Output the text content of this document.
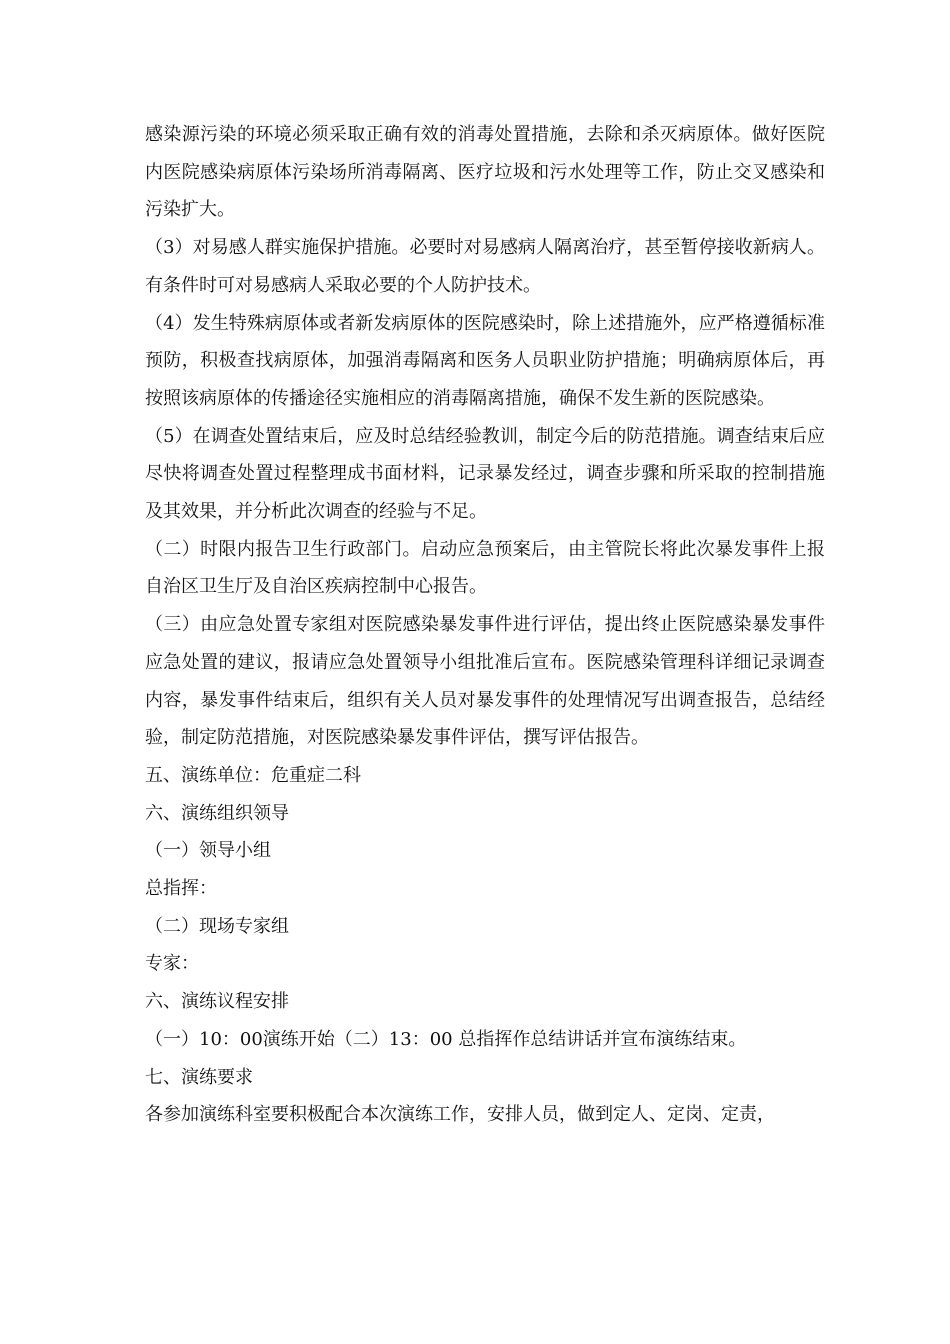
感染源污染的环境必须采取正确有效的消毒处置措施，去除和杀灭病原体。做好医院内医院感染病原体污染场所消毒隔离、医疗垃圾和污水处理等工作，防止交叉感染和污染扩大。

（3）对易感人群实施保护措施。必要时对易感病人隔离治疗，甚至暂停接收新病人。有条件时可对易感病人采取必要的个人防护技术。

（4）发生特殊病原体或者新发病原体的医院感染时，除上述措施外，应严格遵循标准预防，积极查找病原体，加强消毒隔离和医务人员职业防护措施；明确病原体后，再按照该病原体的传播途径实施相应的消毒隔离措施，确保不发生新的医院感染。

（5）在调查处置结束后，应及时总结经验教训，制定今后的防范措施。调查结束后应尽快将调查处置过程整理成书面材料，记录暴发经过，调查步骤和所采取的控制措施及其效果，并分析此次调查的经验与不足。

（二）时限内报告卫生行政部门。启动应急预案后，由主管院长将此次暴发事件上报自治区卫生厅及自治区疾病控制中心报告。

（三）由应急处置专家组对医院感染暴发事件进行评估，提出终止医院感染暴发事件应急处置的建议，报请应急处置领导小组批准后宣布。医院感染管理科详细记录调查内容，暴发事件结束后，组织有关人员对暴发事件的处理情况写出调查报告，总结经验，制定防范措施，对医院感染暴发事件评估，撰写评估报告。

五、演练单位：危重症二科

六、演练组织领导

（一）领导小组

总指挥：

（二）现场专家组

专家：

六、演练议程安排

（一）10：00演练开始（二）13：00 总指挥作总结讲话并宣布演练结束。

七、演练要求

各参加演练科室要积极配合本次演练工作，安排人员，做到定人、定岗、定责，
